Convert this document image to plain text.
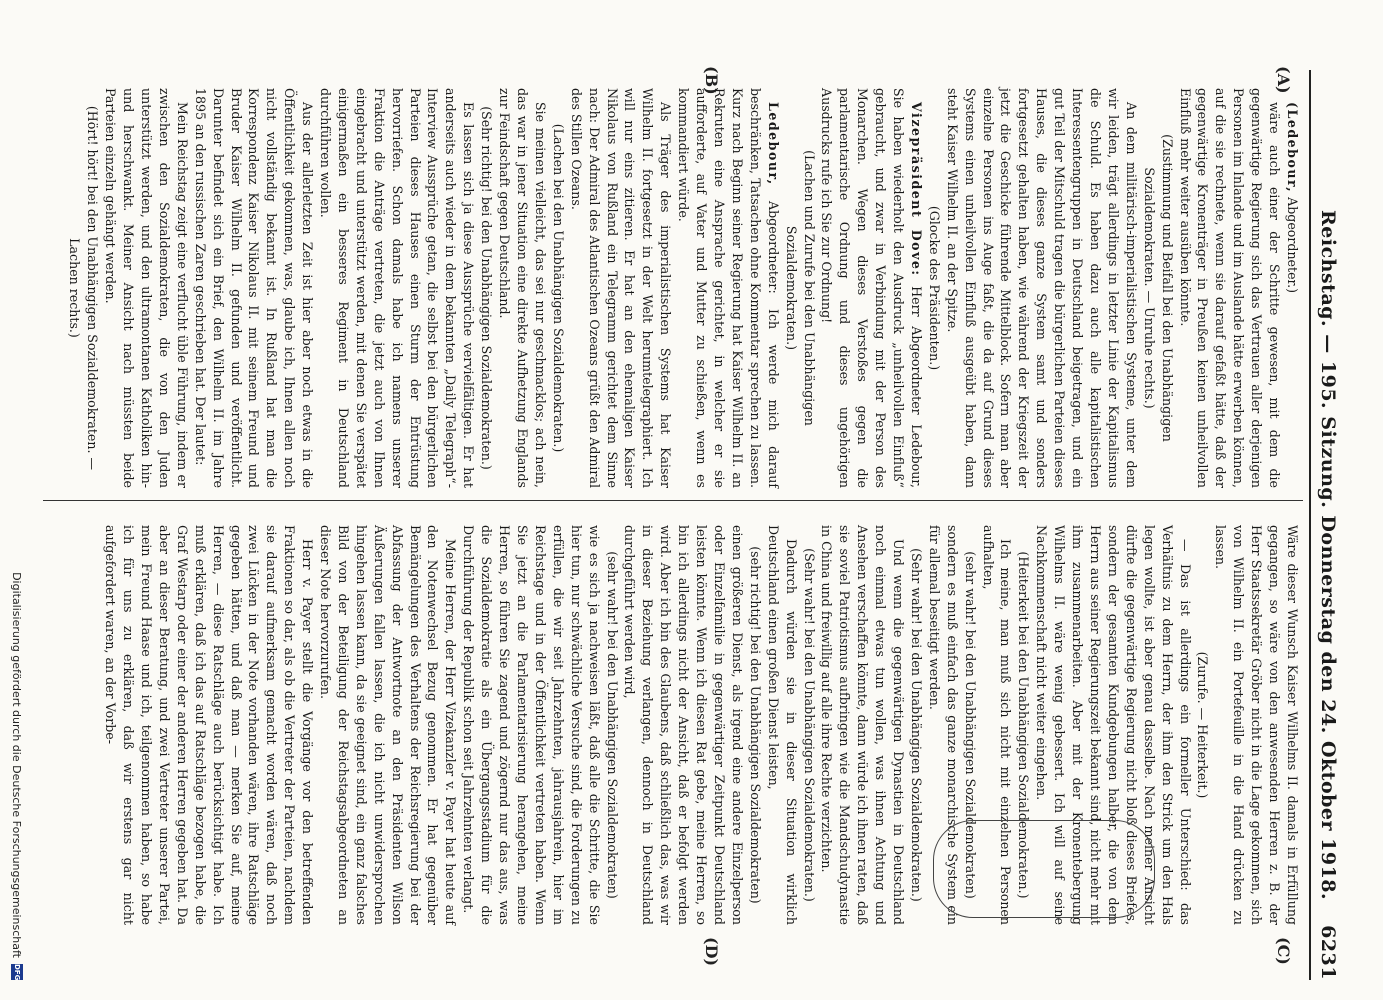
Reichstag. — 195. Sitzung. Donnerstag den 24. Oktober 1918.
6231
(A)
(B)
(C)
(D)

(Ledebour, Abgeordneter.)

wäre auch einer der Schritte gewesen, mit dem die gegenwärtige Regierung sich das Vertrauen aller derjenigen Personen im Inlande und im Auslande hätte erwerben können, auf die sie rechnete, wenn sie darauf gefaßt hätte, daß der gegenwärtige Kronenträger in Preußen keinen unheilvollen Einfluß mehr weiter ausüben könnte.

(Zustimmung und Beifall bei den Unabhängigen Sozialdemokraten. — Unruhe rechts.)

An dem militärisch-imperialistischen Systeme, unter dem wir leiden, trägt allerdings in letzter Linie der Kapitalismus die Schuld. Es haben dazu auch alle kapitalistischen Interessentengruppen in Deutschland beigetragen, und ein gut Teil der Mitschuld tragen die bürgerlichen Parteien dieses Hauses, die dieses ganze System samt und sonders fortgesetzt gehalten haben, wie während der Kriegszeit der jetzt die Geschicke führende Mittelblock. Sofern man aber einzelne Personen ins Auge faßt, die da auf Grund dieses Systems einen unheilvollen Einfluß ausgeübt haben, dann steht Kaiser Wilhelm II. an der Spitze.

(Glocke des Präsidenten.)

Vizepräsident Dove: Herr Abgeordneter Ledebour, Sie haben wiederholt den Ausdruck „unheilvollen Einfluß“ gebraucht, und zwar in Verbindung mit der Person des Monarchen. Wegen dieses Verstoßes gegen die parlamentarische Ordnung und dieses ungehörigen Ausdrucks rufe ich Sie zur Ordnung!

(Lachen und Zurufe bei den Unabhängigen Sozialdemokraten.)

Ledebour, Abgeordneter: Ich werde mich darauf beschränken, Tatsachen ohne Kommentar sprechen zu lassen. Kurz nach Beginn seiner Regierung hat Kaiser Wilhelm II. an Rekruten eine Ansprache gerichtet, in welcher er sie aufforderte, auf Vater und Mutter zu schießen, wenn es kommandiert würde.

Als Träger des imperialistischen Systems hat Kaiser Wilhelm II. fortgesetzt in der Welt herumtelegraphiert. Ich will nur eins zitieren. Er hat an den ehemaligen Kaiser Nikolaus von Rußland ein Telegramm gerichtet dem Sinne nach: Der Admiral des Atlantischen Ozeans grüßt den Admiral des Stillen Ozeans.

(Lachen bei den Unabhängigen Sozialdemokraten.)

Sie meinen vielleicht, das sei nur geschmacklos; ach nein, das war in jener Situation eine direkte Aufhetzung Englands zur Feindschaft gegen Deutschland.

(Sehr richtig! bei den Unabhängigen Sozialdemokraten.)

Es lassen sich ja diese Aussprüche vervielfältigen. Er hat anderseits auch wieder in dem bekannten „Daily Telegraph“-Interview Aussprüche getan, die selbst bei den bürgerlichen Parteien dieses Hauses einen Sturm der Entrüstung hervorriefen. Schon damals habe ich namens unserer Fraktion die Anträge vertreten, die jetzt auch von Ihnen eingebracht und unterstützt werden, mit denen Sie verspätet einigermaßen ein besseres Regiment in Deutschland durchführen wollen.

Aus der allerletzten Zeit ist hier aber noch etwas in die Öffentlichkeit gekommen, was, glaube ich, Ihnen allen noch nicht vollständig bekannt ist. In Rußland hat man die Korrespondenz Kaiser Nikolaus II. mit seinem Freund und Bruder Kaiser Wilhelm II. gefunden und veröffentlicht. Darunter befindet sich ein Brief, den Wilhelm II. im Jahre 1895 an den russischen Zaren geschrieben hat. Der lautet:

Mein Reichstag zeigt eine verflucht üble Führung, indem er zwischen den Sozialdemokraten, die von den Juden unterstützt werden, und den ultramontanen Katholiken hin- und herschwankt. Meiner Ansicht nach müssten beide Parteien einzeln gehängt werden.

(Hört! hört! bei den Unabhängigen Sozialdemokraten. — Lachen rechts.)

Wäre dieser Wunsch Kaiser Wilhelms II. damals in Erfüllung gegangen, so wäre von den anwesenden Herren z. B. der Herr Staatssekretär Gröber nicht in die Lage gekommen, sich von Wilhelm II. ein Portefeuille in die Hand drücken zu lassen.

(Zurufe. — Heiterkeit.)

— Das ist allerdings ein formeller Unterschied: das Verhältnis zu dem Herrn, der ihm den Strick um den Hals legen wollte, ist aber genau dasselbe. Nach meiner Ansicht dürfte die gegenwärtige Regierung nicht bloß dieses Briefes, sondern der gesamten Kundgebungen halber, die von dem Herrn aus seiner Regierungszeit bekannt sind, nicht mehr mit ihm zusammenarbeiten. Aber mit der Kronentebergung Wilhelms II. wäre wenig gebessert. Ich will auf seine Nachkommenschaft nicht weiter eingehen.

(Heiterkeit bei den Unabhängigen Sozialdemokraten.)

Ich meine, man muß sich nicht mit einzelnen Personen aufhalten,

(sehr wahr! bei den Unabhängigen Sozialdemokraten)

sondern es muß einfach das ganze monarchische System ein für allemal beseitigt werden.

(Sehr wahr! bei den Unabhängigen Sozialdemokraten.)

Und wenn die gegenwärtigen Dynastien in Deutschland noch einmal etwas tun wollen, was ihnen Achtung und Ansehen verschaffen könnte, dann würde ich ihnen raten, daß sie soviel Patriotismus aufbringen wie die Mandschudynastie in China und freiwillig auf alle ihre Rechte verzichten.

(Sehr wahr! bei den Unabhängigen Sozialdemokraten.)

Dadurch würden sie in dieser Situation wirklich Deutschland einen großen Dienst leisten,

(sehr richtig! bei den Unabhängigen Sozialdemokraten)

einen größeren Dienst, als irgend eine andere Einzelperson oder Einzelfamilie in gegenwärtiger Zeitpunkt Deutschland leisten könnte. Wenn ich diesen Rat gebe, meine Herren, so bin ich allerdings nicht der Ansicht, daß er befolgt werden wird. Aber ich bin des Glaubens, daß schließlich das, was wir in dieser Beziehung verlangen, dennoch in Deutschland durchgeführt werden wird,

(sehr wahr! bei den Unabhängigen Sozialdemokraten)

wie es sich ja nachweisen läßt, daß alle die Schritte, die Sie hier tun, nur schwächliche Versuche sind, die Forderungen zu erfüllen, die wir seit Jahrzehnten, jahrausjahrein, hier im Reichstage und in der Öffentlichkeit vertreten haben. Wenn Sie jetzt an die Parlamentarisierung herangehen, meine Herren, so führen Sie zagend und zögernd nur das aus, was die Sozialdemokratie als ein Übergangsstadium für die Durchführung der Republik schon seit Jahrzehnten verlangt.

Meine Herren, der Herr Vizekanzler v. Payer hat heute auf den Notenwechsel Bezug genommen. Er hat gegenüber Bemängelungen des Verhaltens der Reichsregierung bei der Abfassung der Antwortnote an den Präsidenten Wilson Äußerungen fallen lassen, die ich nicht unwidersprochen hingehen lassen kann, da sie geeignet sind, ein ganz falsches Bild von der Beteiligung der Reichstagsabgeordneten an dieser Note hervorzurufen.

Herr v. Payer stellt die Vorgänge vor den betreffenden Fraktionen so dar, als ob die Vertreter der Parteien, nachdem sie darauf aufmerksam gemacht worden wären, daß noch zwei Lücken in der Note vorhanden wären, ihre Ratschläge gegeben hätten, und daß man — merken Sie auf, meine Herren, — diese Ratschläge auch berücksichtigt habe. Ich muß erklären, daß ich das auf Ratschläge bezogen habe, die Graf Westarp oder einer der anderen Herren gegeben hat. Da aber an dieser Beratung, und zwei Vertreter unserer Partei, mein Freund Haase und ich, teilgenommen haben, so habe ich für uns zu erklären, daß wir erstens gar nicht aufgefordert waren, an der Vorbe-

Digitalisierung gefördert durch die Deutsche Forschungsgemeinschaft
DFG
